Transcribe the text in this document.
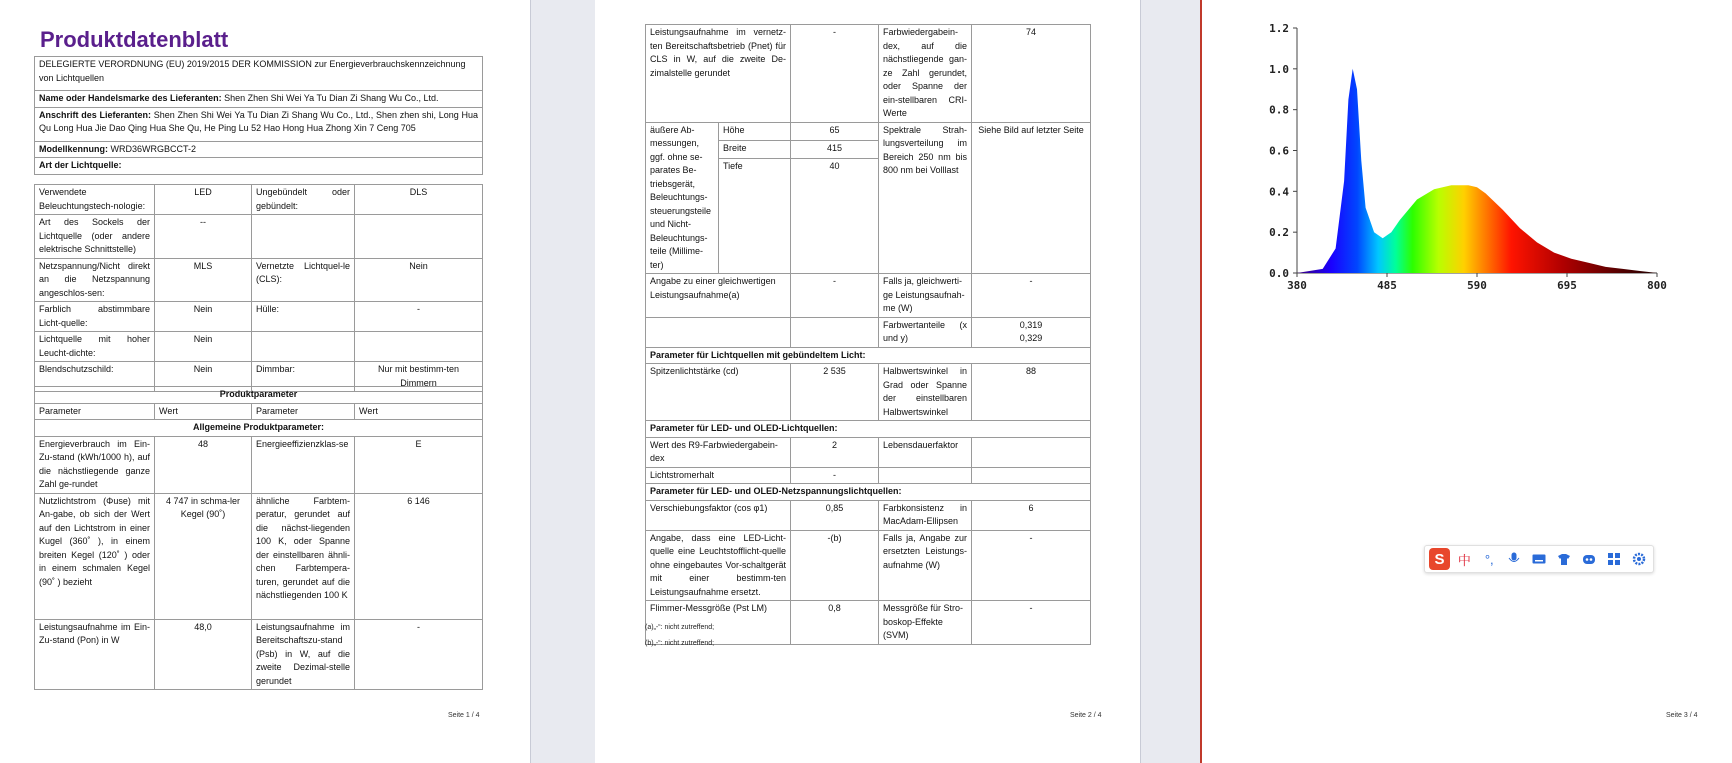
Produktdatenblatt
DELEGIERTE VERORDNUNG (EU) 2019/2015 DER KOMMISSION zur Energieverbrauchskennzeichnung von Lichtquellen
Name oder Handelsmarke des Lieferanten: Shen Zhen Shi Wei Ya Tu Dian Zi Shang Wu Co., Ltd.
Anschrift des Lieferanten: Shen Zhen Shi Wei Ya Tu Dian Zi Shang Wu Co., Ltd., Shen zhen shi, Long Hua Qu Long Hua Jie Dao Qing Hua She Qu, He Ping Lu 52 Hao Hong Hua Zhong Xin 7 Ceng 705
Modellkennung: WRD36WRGBCCT-2
Art der Lichtquelle:
Verwendete Beleuchtungstech-nologie:	LED	Ungebündelt oder gebündelt:	DLS
Art des Sockels der Lichtquelle (oder andere elektrische Schnittstelle)	--		
Netzspannung/Nicht direkt an die Netzspannung angeschlos-sen:	MLS	Vernetzte Lichtquel-le (CLS):	Nein
Farblich abstimmbare Licht-quelle:	Nein	Hülle:	-
Lichtquelle mit hoher Leucht-dichte:	Nein		
Blendschutzschild:	Nein	Dimmbar:	Nur mit bestimm-ten Dimmern
Produktparameter			
Parameter	Wert	Parameter	Wert
Allgemeine Produktparameter:			
Energieverbrauch im Ein-Zu-stand (kWh/1000 h), auf die nächstliegende ganze Zahl ge-rundet	48	Energieeffizienzklas-se	E
Nutzlichtstrom (Φuse) mit An-gabe, ob sich der Wert auf den Lichtstrom in einer Kugel (360˚ ), in einem breiten Kegel (120˚ ) oder in einem schmalen Kegel (90˚ ) bezieht	4 747 in schma-ler Kegel (90˚)	ähnliche Farbtem-peratur, gerundet auf die nächst-liegenden 100 K, oder Spanne der einstellbaren ähnli-chen Farbtempera-turen, gerundet auf die nächstliegenden 100 K	6 146
Leistungsaufnahme im Ein-Zu-stand (Pon) in W	48,0	Leistungsaufnahme im Bereitschaftszu-stand (Psb) in W, auf die zweite Dezimal-stelle gerundet	-
Seite 1 / 4
Leistungsaufnahme im vernetz-ten Bereitschaftsbetrieb (Pnet) für CLS in W, auf die zweite De-zimalstelle gerundet		-	Farbwiedergabein-dex, auf die nächstliegende gan-ze Zahl gerundet, oder Spanne der ein-stellbaren CRI-Werte	74
äußere Ab-messungen, ggf. ohne se-parates Be-triebsgerät, Beleuchtungs-steuerungsteile und Nicht-Beleuchtungs-teile (Millime-ter)	Höhe	65	Spektrale Strah-lungsverteilung im Bereich 250 nm bis 800 nm bei Volllast	Siehe Bild auf letzter Seite
	Breite	415		
	Tiefe	40		
Angabe zu einer gleichwertigen Leistungsaufnahme(a)		-	Falls ja, gleichwerti-ge Leistungsaufnah-me (W)	-
			Farbwertanteile (x und y)	0,319
0,329
Parameter für Lichtquellen mit gebündeltem Licht:				
Spitzenlichtstärke (cd)		2 535	Halbwertswinkel in Grad oder Spanne der einstellbaren Halbwertswinkel	88
Parameter für LED- und OLED-Lichtquellen:				
Wert des R9-Farbwiedergabein-dex		2	Lebensdauerfaktor	
Lichtstromerhalt		-		
Parameter für LED- und OLED-Netzspannungslichtquellen:				
Verschiebungsfaktor (cos φ1)		0,85	Farbkonsistenz in MacAdam-Ellipsen	6
Angabe, dass eine LED-Licht-quelle eine Leuchtstofflicht-quelle ohne eingebautes Vor-schaltgerät mit einer bestimm-ten Leistungsaufnahme ersetzt.		-(b)	Falls ja, Angabe zur ersetzten Leistungs-aufnahme (W)	-
Flimmer-Messgröße (Pst LM)		0,8	Messgröße für Stro-boskop-Effekte (SVM)	-
(a)„-“: nicht zutreffend;
(b)„-“: nicht zutreffend;
Seite 2 / 4
0.0
0.2
0.4
0.6
0.8
1.0
1.2
380	485	590	695	800
Seite 3 / 4
S	中	°,
